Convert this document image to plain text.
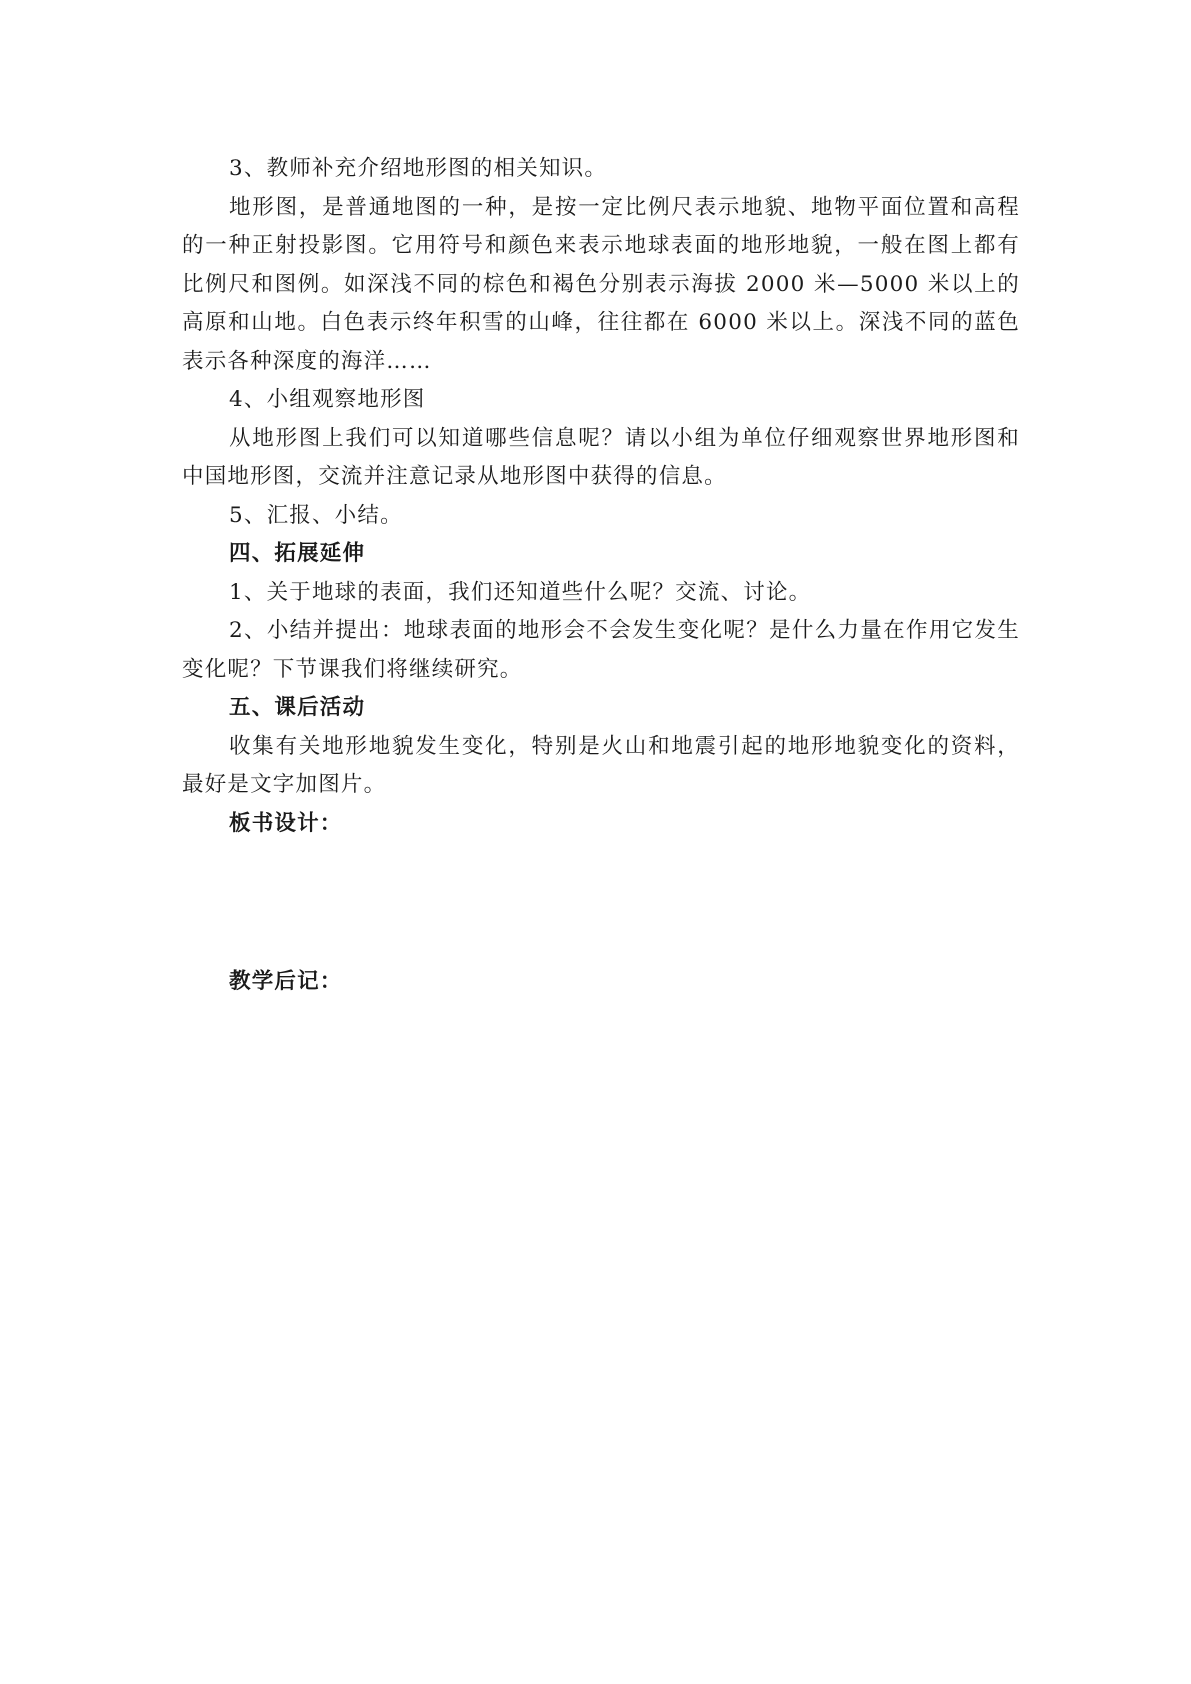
3、教师补充介绍地形图的相关知识。

地形图，是普通地图的一种，是按一定比例尺表示地貌、地物平面位置和高程的一种正射投影图。它用符号和颜色来表示地球表面的地形地貌，一般在图上都有比例尺和图例。如深浅不同的棕色和褐色分别表示海拔 2000 米—5000 米以上的高原和山地。白色表示终年积雪的山峰，往往都在 6000 米以上。深浅不同的蓝色表示各种深度的海洋……

4、小组观察地形图

从地形图上我们可以知道哪些信息呢？请以小组为单位仔细观察世界地形图和中国地形图，交流并注意记录从地形图中获得的信息。

5、汇报、小结。

四、拓展延伸

1、关于地球的表面，我们还知道些什么呢？交流、讨论。

2、小结并提出：地球表面的地形会不会发生变化呢？是什么力量在作用它发生变化呢？下节课我们将继续研究。

五、课后活动

收集有关地形地貌发生变化，特别是火山和地震引起的地形地貌变化的资料，最好是文字加图片。

板书设计：

教学后记：
